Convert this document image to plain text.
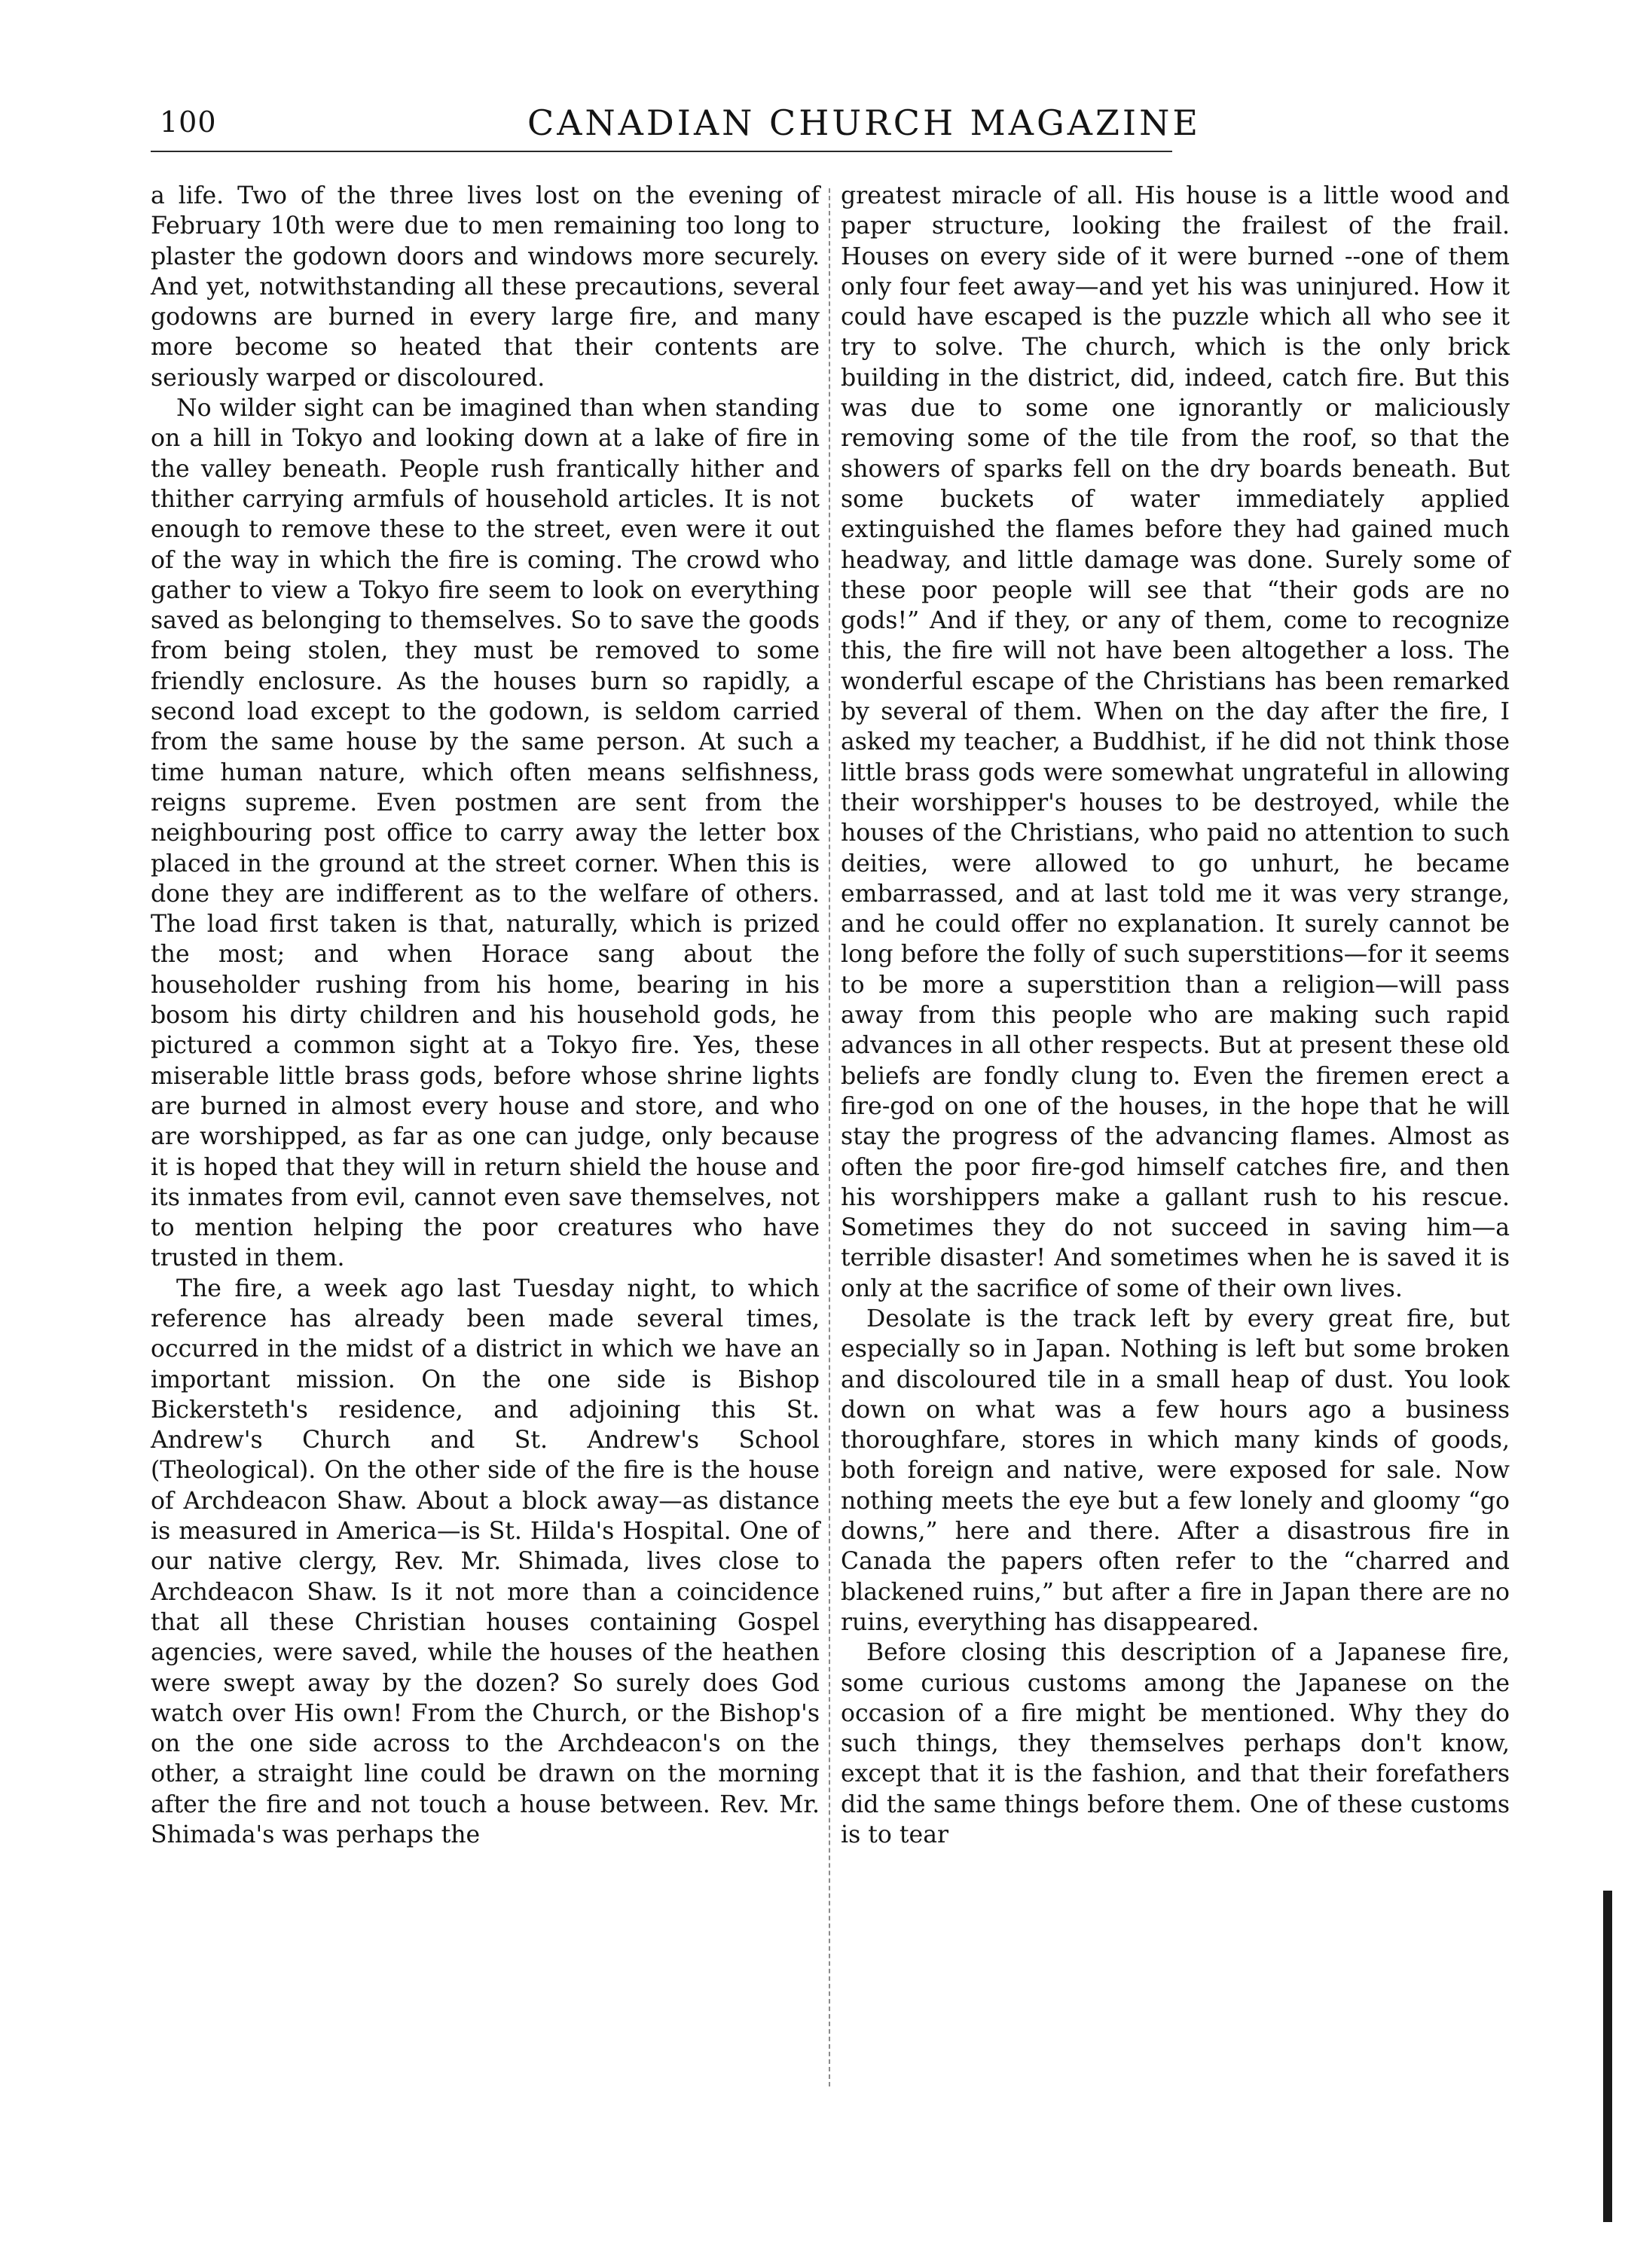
100	CANADIAN CHURCH MAGAZINE

a life. Two of the three lives lost on the evening of February 10th were due to men remaining too long to plaster the godown doors and windows more securely. And yet, notwithstanding all these precautions, several godowns are burned in every large fire, and many more become so heated that their contents are seriously warped or discoloured.

No wilder sight can be imagined than when standing on a hill in Tokyo and looking down at a lake of fire in the valley beneath. People rush frantically hither and thither carrying armfuls of household articles. It is not enough to remove these to the street, even were it out of the way in which the fire is coming. The crowd who gather to view a Tokyo fire seem to look on everything saved as belonging to themselves. So to save the goods from being stolen, they must be removed to some friendly enclosure. As the houses burn so rapidly, a second load except to the godown, is seldom carried from the same house by the same person. At such a time human nature, which often means selfishness, reigns supreme. Even postmen are sent from the neighbouring post office to carry away the letter box placed in the ground at the street corner. When this is done they are indifferent as to the welfare of others. The load first taken is that, naturally, which is prized the most; and when Horace sang about the householder rushing from his home, bearing in his bosom his dirty children and his household gods, he pictured a common sight at a Tokyo fire. Yes, these miserable little brass gods, before whose shrine lights are burned in almost every house and store, and who are worshipped, as far as one can judge, only because it is hoped that they will in return shield the house and its inmates from evil, cannot even save themselves, not to mention helping the poor creatures who have trusted in them.

The fire, a week ago last Tuesday night, to which reference has already been made several times, occurred in the midst of a district in which we have an important mission. On the one side is Bishop Bickersteth's residence, and adjoining this St. Andrew's Church and St. Andrew's School (Theological). On the other side of the fire is the house of Archdeacon Shaw. About a block away—as distance is measured in America—is St. Hilda's Hospital. One of our native clergy, Rev. Mr. Shimada, lives close to Archdeacon Shaw. Is it not more than a coincidence that all these Christian houses containing Gospel agencies, were saved, while the houses of the heathen were swept away by the dozen? So surely does God watch over His own! From the Church, or the Bishop's on the one side across to the Archdeacon's on the other, a straight line could be drawn on the morning after the fire and not touch a house between. Rev. Mr. Shimada's was perhaps the

greatest miracle of all. His house is a little wood and paper structure, looking the frailest of the frail. Houses on every side of it were burned --one of them only four feet away—and yet his was uninjured. How it could have escaped is the puzzle which all who see it try to solve. The church, which is the only brick building in the district, did, indeed, catch fire. But this was due to some one ignorantly or maliciously removing some of the tile from the roof, so that the showers of sparks fell on the dry boards beneath. But some buckets of water immediately applied extinguished the flames before they had gained much headway, and little damage was done. Surely some of these poor people will see that “their gods are no gods!” And if they, or any of them, come to recognize this, the fire will not have been altogether a loss. The wonderful escape of the Christians has been remarked by several of them. When on the day after the fire, I asked my teacher, a Buddhist, if he did not think those little brass gods were somewhat ungrateful in allowing their worshipper's houses to be destroyed, while the houses of the Christians, who paid no attention to such deities, were allowed to go unhurt, he became embarrassed, and at last told me it was very strange, and he could offer no explanation. It surely cannot be long before the folly of such superstitions—for it seems to be more a superstition than a religion—will pass away from this people who are making such rapid advances in all other respects. But at present these old beliefs are fondly clung to. Even the firemen erect a fire-god on one of the houses, in the hope that he will stay the progress of the advancing flames. Almost as often the poor fire-god himself catches fire, and then his worshippers make a gallant rush to his rescue. Sometimes they do not succeed in saving him—a terrible disaster! And sometimes when he is saved it is only at the sacrifice of some of their own lives.

Desolate is the track left by every great fire, but especially so in Japan. Nothing is left but some broken and discoloured tile in a small heap of dust. You look down on what was a few hours ago a business thoroughfare, stores in which many kinds of goods, both foreign and native, were exposed for sale. Now nothing meets the eye but a few lonely and gloomy “go downs,” here and there. After a disastrous fire in Canada the papers often refer to the “charred and blackened ruins,” but after a fire in Japan there are no ruins, everything has disappeared.

Before closing this description of a Japanese fire, some curious customs among the Japanese on the occasion of a fire might be mentioned. Why they do such things, they themselves perhaps don't know, except that it is the fashion, and that their forefathers did the same things before them. One of these customs is to tear
